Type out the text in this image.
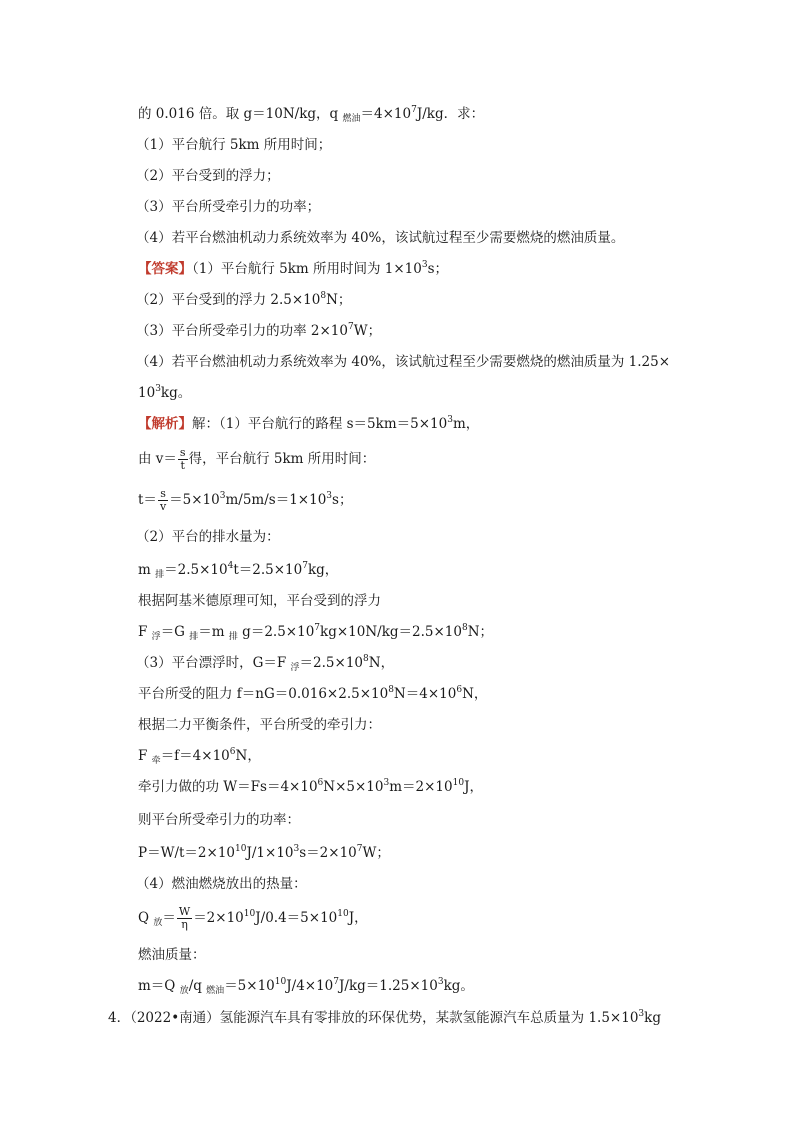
的 0.016 倍。取 g＝10N/kg，q $_{燃油}=4\times 10^7J/kg$．求：
（1）平台航行 5km 所用时间；
（2）平台受到的浮力；
（3）平台所受牵引力的功率；
（4）若平台燃油机动力系统效率为 40%，该试航过程至少需要燃烧的燃油质量。
【答案】（1）平台航行 5km 所用时间为 $1\times 10^3s$；
（2）平台受到的浮力 $2.5\times 10^8N$；
（3）平台所受牵引力的功率 $2\times 10^7W$；
（4）若平台燃油机动力系统效率为 40%，该试航过程至少需要燃烧的燃油质量为 1.25×
$10^3kg$。
【解析】解：（1）平台航行的路程 $s=5km=5\times 10^3m$，
由 $v= \frac{s}{t}$ 得，平台航行 5km 所用时间：
$t= \frac{s}{v} =5\times 10^3m/5m/s=1\times 10^3s$；
（2）平台的排水量为：
m $_排=2.5\times 10^4t=2.5\times 10^7kg$，
根据阿基米德原理可知，平台受到的浮力
F $_浮$＝G $_排$＝m $_排$ $g=2.5\times 10^7kg\times 10N/kg=2.5\times 10^8N$；
（3）平台漂浮时，G＝F $_浮=2.5\times 10^8N$，
平台所受的阻力 $f=nG=0.016\times 2.5\times 10^8N=4\times 10^6N$，
根据二力平衡条件，平台所受的牵引力：
F $_牵=f=4\times 10^6N$，
牵引力做的功 $W=Fs=4\times 10^6N\times 5\times 10^3m=2\times 10^{10}J$，
则平台所受牵引力的功率：
$P=W/t=2\times 10^{10}J/1\times 10^3s=2\times 10^7W$；
（4）燃油燃烧放出的热量：
Q $_放= \frac{W}{\eta} =2\times 10^{10}J/0.4=5\times 10^{10}J$，
燃油质量：
m＝Q $_放$/q $_{燃油}=5\times 10^{10}J/4\times 10^7J/kg=1.25\times 10^3kg$。
4．（2022•南通）氢能源汽车具有零排放的环保优势，某款氢能源汽车总质量为 $1.5\times 10^3kg$
